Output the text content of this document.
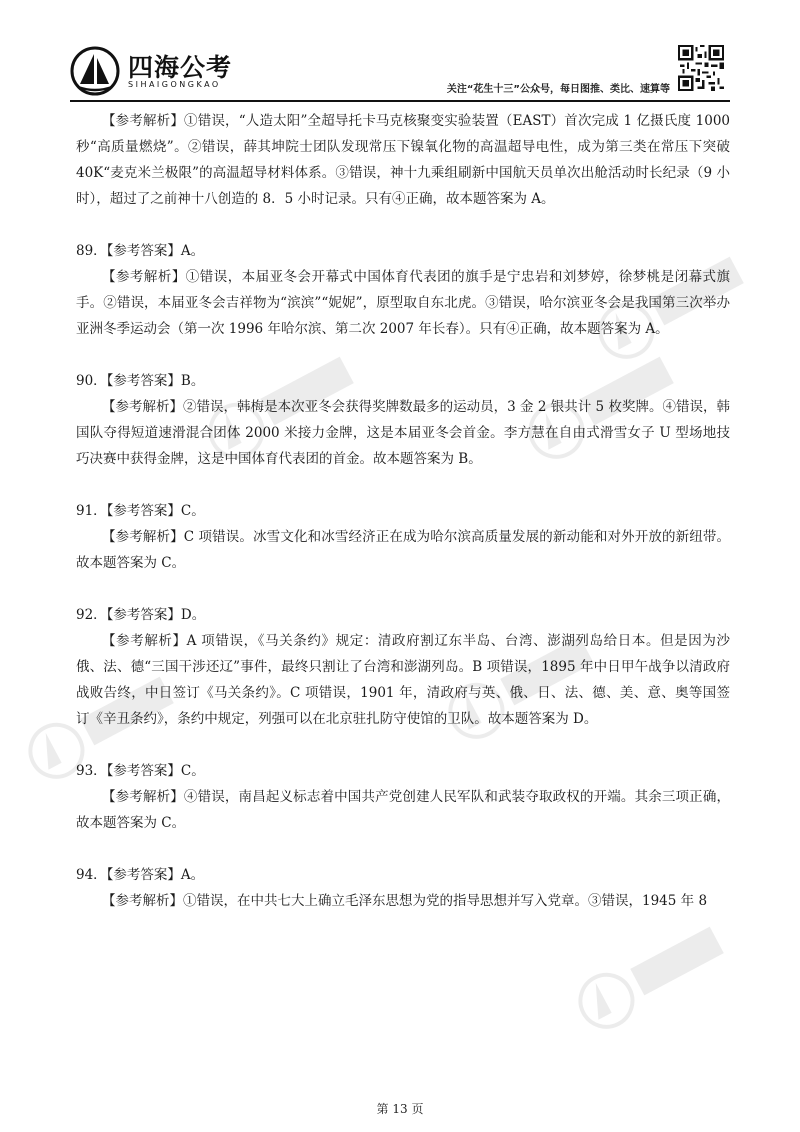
四海公考
SIHAIGONGKAO	关注“花生十三”公众号，每日图推、类比、速算等

【参考解析】①错误，“人造太阳”全超导托卡马克核聚变实验装置（EAST）首次完成 1 亿摄氏度 1000 秒“高质量燃烧”。②错误，薛其坤院士团队发现常压下镍氧化物的高温超导电性，成为第三类在常压下突破 40K“麦克米兰极限”的高温超导材料体系。③错误，神十九乘组刷新中国航天员单次出舱活动时长纪录（9 小时），超过了之前神十八创造的 8．5 小时记录。只有④正确，故本题答案为 A。

89．【参考答案】A。

【参考解析】①错误，本届亚冬会开幕式中国体育代表团的旗手是宁忠岩和刘梦婷，徐梦桃是闭幕式旗手。②错误，本届亚冬会吉祥物为“滨滨”“妮妮”，原型取自东北虎。③错误，哈尔滨亚冬会是我国第三次举办亚洲冬季运动会（第一次 1996 年哈尔滨、第二次 2007 年长春）。只有④正确，故本题答案为 A。

90．【参考答案】B。

【参考解析】②错误，韩梅是本次亚冬会获得奖牌数最多的运动员，3 金 2 银共计 5 枚奖牌。④错误，韩国队夺得短道速滑混合团体 2000 米接力金牌，这是本届亚冬会首金。李方慧在自由式滑雪女子 U 型场地技巧决赛中获得金牌，这是中国体育代表团的首金。故本题答案为 B。

91．【参考答案】C。

【参考解析】C 项错误。冰雪文化和冰雪经济正在成为哈尔滨高质量发展的新动能和对外开放的新纽带。故本题答案为 C。

92．【参考答案】D。

【参考解析】A 项错误，《马关条约》规定：清政府割辽东半岛、台湾、澎湖列岛给日本。但是因为沙俄、法、德“三国干涉还辽”事件，最终只割让了台湾和澎湖列岛。B 项错误，1895 年中日甲午战争以清政府战败告终，中日签订《马关条约》。C 项错误，1901 年，清政府与英、俄、日、法、德、美、意、奥等国签订《辛丑条约》，条约中规定，列强可以在北京驻扎防守使馆的卫队。故本题答案为 D。

93．【参考答案】C。

【参考解析】④错误，南昌起义标志着中国共产党创建人民军队和武装夺取政权的开端。其余三项正确，故本题答案为 C。

94．【参考答案】A。

【参考解析】①错误，在中共七大上确立毛泽东思想为党的指导思想并写入党章。③错误，1945 年 8

第 13 页
